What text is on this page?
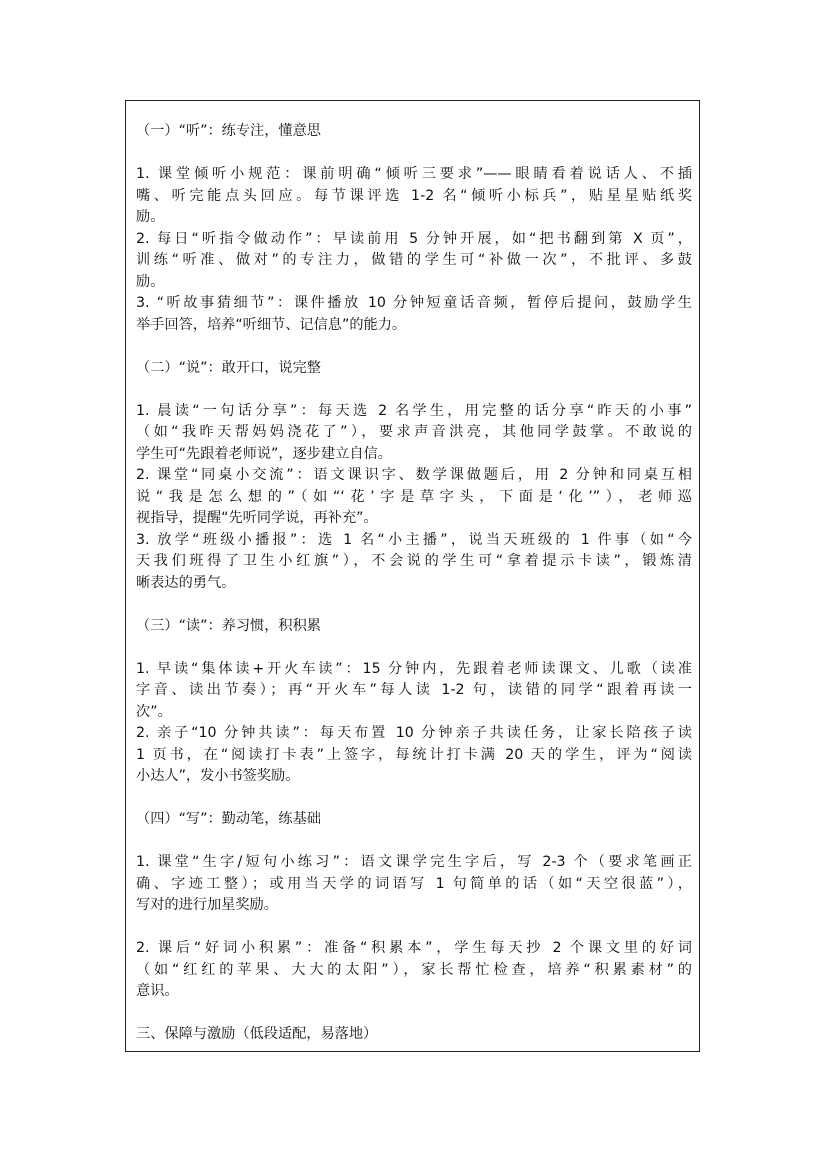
（一）“听”：练专注，懂意思
1. 课堂倾听小规范：课前明确“倾听三要求”——眼睛看着说话人、不插
嘴、听完能点头回应。每节课评选 1-2 名“倾听小标兵”，贴星星贴纸奖
励。
2. 每日“听指令做动作”：早读前用 5 分钟开展，如“把书翻到第 X 页”，
训练“听准、做对”的专注力，做错的学生可“补做一次”，不批评、多鼓
励。
3. “听故事猜细节”：课件播放 10 分钟短童话音频，暂停后提问，鼓励学生
举手回答，培养“听细节、记信息”的能力。
（二）“说”：敢开口，说完整
1. 晨读“一句话分享”：每天选 2 名学生，用完整的话分享“昨天的小事”
（如“我昨天帮妈妈浇花了”），要求声音洪亮，其他同学鼓掌。不敢说的
学生可“先跟着老师说”，逐步建立自信。
2. 课堂“同桌小交流”：语文课识字、数学课做题后，用 2 分钟和同桌互相
说“我是怎么想的”（如“‘花’字是草字头，下面是‘化’”），老师巡
视指导，提醒“先听同学说，再补充”。
3. 放学“班级小播报”：选 1 名“小主播”，说当天班级的 1 件事（如“今
天我们班得了卫生小红旗”），不会说的学生可“拿着提示卡读”，锻炼清
晰表达的勇气。
（三）“读”：养习惯，积积累
1. 早读“集体读+开火车读”：15 分钟内，先跟着老师读课文、儿歌（读准
字音、读出节奏）；再“开火车”每人读 1-2 句，读错的同学“跟着再读一
次”。
2. 亲子“10 分钟共读”：每天布置 10 分钟亲子共读任务，让家长陪孩子读
1 页书，在“阅读打卡表”上签字，每统计打卡满 20 天的学生，评为“阅读
小达人”，发小书签奖励。
（四）“写”：勤动笔，练基础
1. 课堂“生字/短句小练习”：语文课学完生字后，写 2-3 个（要求笔画正
确、字迹工整）；或用当天学的词语写 1 句简单的话（如“天空很蓝”），
写对的进行加星奖励。
2. 课后“好词小积累”：准备“积累本”，学生每天抄 2 个课文里的好词
（如“红红的苹果、大大的太阳”），家长帮忙检查，培养“积累素材”的
意识。
三、保障与激励（低段适配，易落地）
